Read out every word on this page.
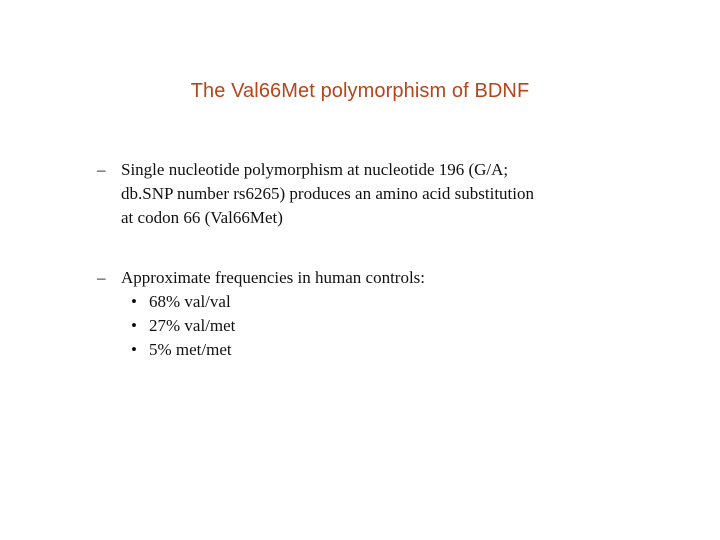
The Val66Met polymorphism of BDNF
– Single nucleotide polymorphism at nucleotide 196 (G/A;
db.SNP number rs6265) produces an amino acid substitution
at codon 66 (Val66Met)
– Approximate frequencies in human controls:
• 68% val/val
• 27% val/met
• 5% met/met
